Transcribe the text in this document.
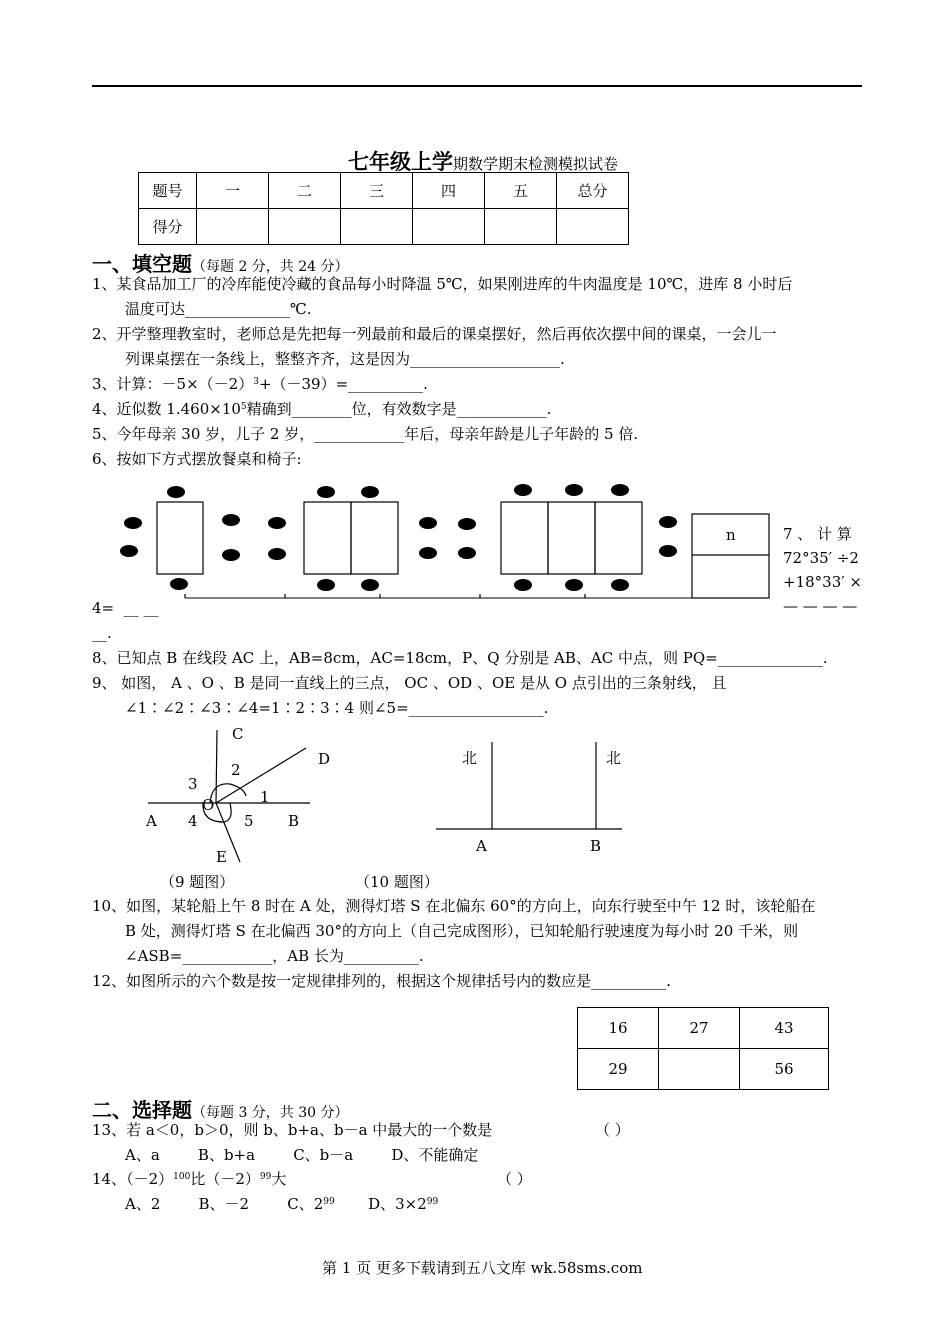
七年级上学期数学期末检测模拟试卷
题号	一	二	三	四	五	总分
得分						
一、填空题（每题 2 分，共 24 分）
1、某食品加工厂的冷库能使冷藏的食品每小时降温 5℃，如果刚进库的牛肉温度是 10℃，进库 8 小时后
温度可达______________℃.
2、开学整理教室时，老师总是先把每一列最前和最后的课桌摆好，然后再依次摆中间的课桌，一会儿一
列课桌摆在一条线上，整整齐齐，这是因为____________________.
3、计算：$-5\times(-2)^3+(-39)=\_\_\_\_\_\_\_\_\_\_$.
4、近似数 $1.460\times 10^5$精确到________位，有效数字是____________.
5、今年母亲 30 岁，儿子 2 岁，____________年后，母亲年龄是儿子年龄的 5 倍.
6、按如下方式摆放餐桌和椅子:
n	7 、 计 算
72°35′ ÷2
+18°33′ ×
— — — —
4= __ __
__.
8、已知点 B 在线段 AC 上，AB=8cm，AC=18cm，P、Q 分别是 AB、AC 中点，则 PQ=______________.
9、 如图， A 、O 、B 是同一直线上的三点， OC 、OD 、OE 是从 O 点引出的三条射线， 且
∠1∶∠2∶∠3∶∠4=1∶2∶3∶4 则∠5=__________________.
C
D
A	B
O
E
1
2
3
4	5
（9 题图）
北	北
A	B
（10 题图）
10、如图，某轮船上午 8 时在 A 处，测得灯塔 S 在北偏东 60°的方向上，向东行驶至中午 12 时，该轮船在
B 处，测得灯塔 S 在北偏西 30°的方向上（自己完成图形），已知轮船行驶速度为每小时 20 千米，则
∠ASB=____________，AB 长为__________.
12、如图所示的六个数是按一定规律排列的，根据这个规律括号内的数应是__________.
16	27	43
29		56
二、选择题（每题 3 分，共 30 分）
13、若 a＜0，b＞0，则 b、b+a、b－a 中最大的一个数是	（ ）
A、a        B、b+a        C、b－a        D、不能确定
14、$(-2)^{100}$比$(-2)^{99}$大	（ ）
A、2        B、－2        C、$2^{99}$       D、$3\times 2^{99}$
第 1 页 更多下载请到五八文库 wk.58sms.com
